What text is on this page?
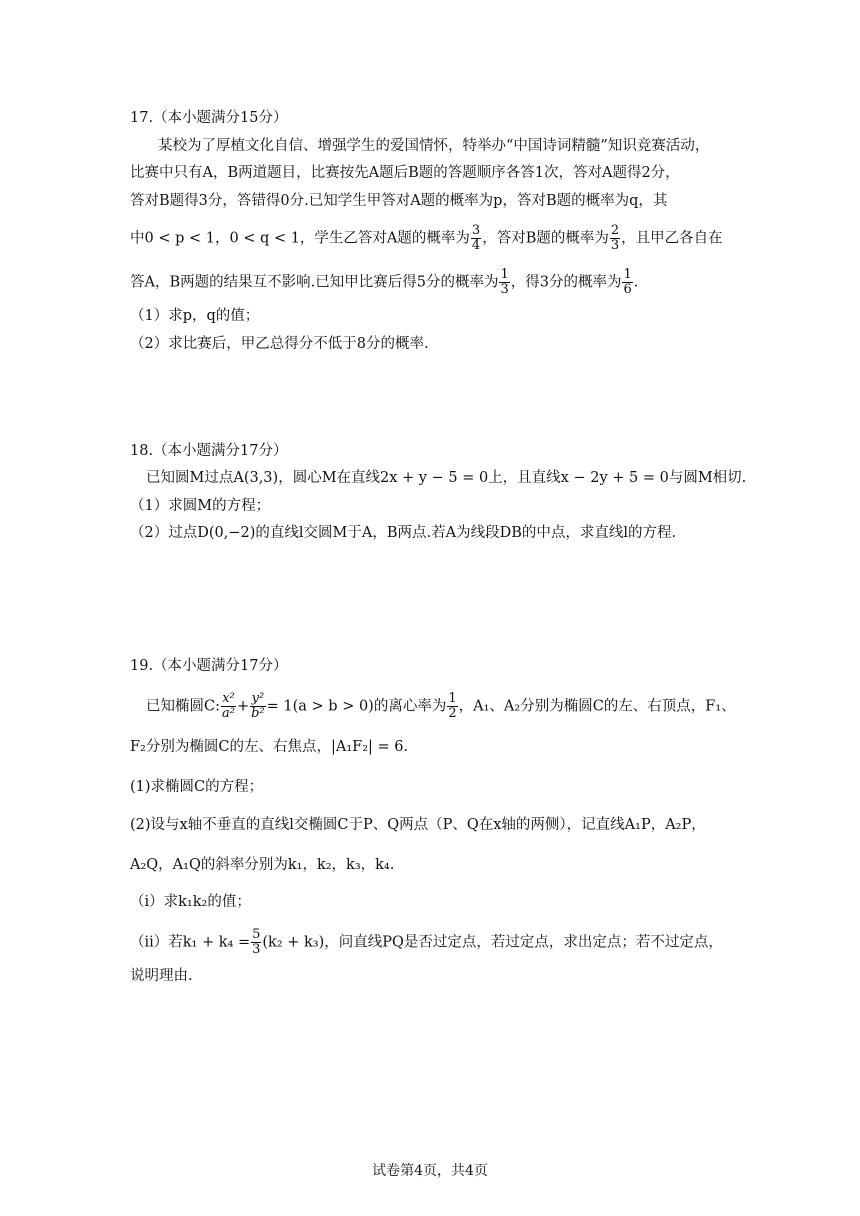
17.（本小题满分15分）
某校为了厚植文化自信、增强学生的爱国情怀，特举办“中国诗词精髓”知识竞赛活动，
比赛中只有A，B两道题目，比赛按先A题后B题的答题顺序各答1次，答对A题得2分，
答对B题得3分，答错得0分.已知学生甲答对A题的概率为p，答对B题的概率为q，其
中0 < p < 1，0 < q < 1，学生乙答对A题的概率为 $\frac{3}{4}$ ，答对B题的概率为 $\frac{2}{3}$ ，且甲乙各自在
答A，B两题的结果互不影响.已知甲比赛后得5分的概率为 $\frac{1}{3}$ ，得3分的概率为 $\frac{1}{6}$ .
（1）求p，q的值；
（2）求比赛后，甲乙总得分不低于8分的概率.
18.（本小题满分17分）
已知圆M过点A(3,3)，圆心M在直线2x + y − 5 = 0上，且直线x − 2y + 5 = 0与圆M相切.
（1）求圆M的方程；
（2）过点D(0,−2)的直线l交圆M于A，B两点.若A为线段DB的中点，求直线l的方程.
19.（本小题满分17分）
已知椭圆C: $\frac{\text{x²}}{\text{a²}} + \frac{\text{y²}}{\text{b²}} = 1(a > b > 0)$的离心率为 $\frac{1}{2}$ ，A₁、A₂分别为椭圆C的左、右顶点，F₁、
F₂分别为椭圆C的左、右焦点，|A₁F₂| = 6.
(1)求椭圆C的方程；
(2)设与x轴不垂直的直线l交椭圆C于P、Q两点（P、Q在x轴的两侧），记直线A₁P，A₂P，
A₂Q，A₁Q的斜率分别为k₁，k₂，k₃，k₄.
（i）求k₁k₂的值；
（ii）若$k_1 + k_4 = \frac{5}{3} (k_2 + k_3)$，问直线PQ是否过定点，若过定点，求出定点；若不过定点，
说明理由.
试卷第4页，共4页
